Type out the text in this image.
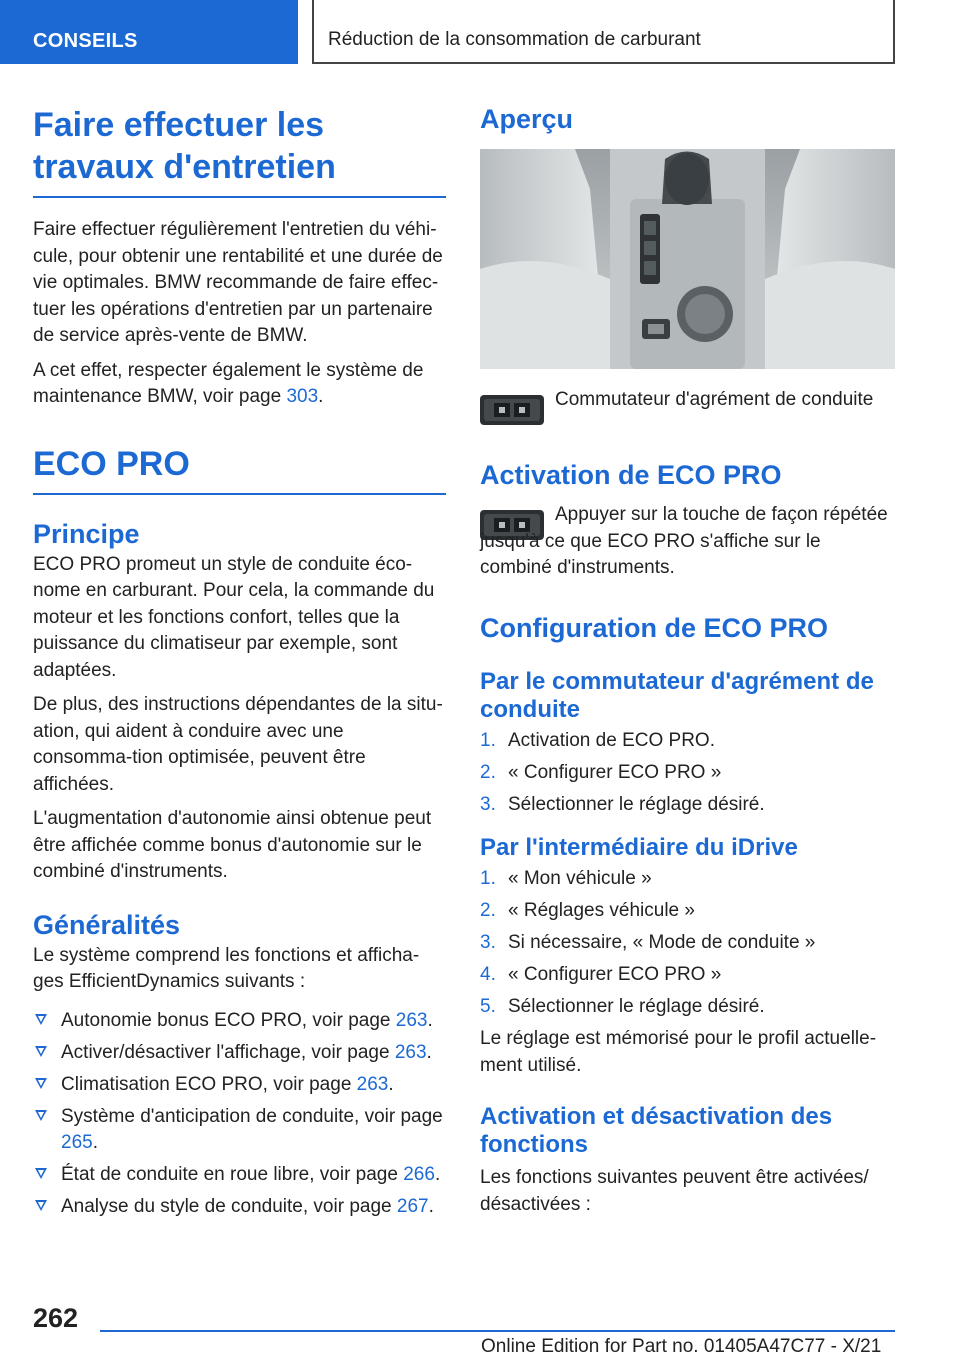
CONSEILS	Réduction de la consommation de carburant
Faire effectuer les travaux d'entretien

Faire effectuer régulièrement l'entretien du véhi-cule, pour obtenir une rentabilité et une durée de vie optimales. BMW recommande de faire effec-tuer les opérations d'entretien par un partenaire de service après-vente de BMW.

A cet effet, respecter également le système de maintenance BMW, voir page 303.

ECO PRO
Principe

ECO PRO promeut un style de conduite éco-nome en carburant. Pour cela, la commande du moteur et les fonctions confort, telles que la puissance du climatiseur par exemple, sont adaptées.

De plus, des instructions dépendantes de la situ-ation, qui aident à conduire avec une consomma-tion optimisée, peuvent être affichées.

L'augmentation d'autonomie ainsi obtenue peut être affichée comme bonus d'autonomie sur le combiné d'instruments.

Généralités

Le système comprend les fonctions et afficha-ges EfficientDynamics suivants :

Autonomie bonus ECO PRO, voir page 263.
Activer/désactiver l'affichage, voir page 263.
Climatisation ECO PRO, voir page 263.
Système d'anticipation de conduite, voir page 265.
État de conduite en roue libre, voir page 266.
Analyse du style de conduite, voir page 267.
Aperçu
Commutateur d'agrément de conduite
Activation de ECO PRO

Appuyer sur la touche de façon répétée jusqu'à ce que ECO PRO s'affiche sur le combiné d'instruments.

Configuration de ECO PRO
Par le commutateur d'agrément de conduite
1. Activation de ECO PRO.
2. « Configurer ECO PRO »
3. Sélectionner le réglage désiré.
Par l'intermédiaire du iDrive
1. « Mon véhicule »
2. « Réglages véhicule »
3. Si nécessaire, « Mode de conduite »
4. « Configurer ECO PRO »
5. Sélectionner le réglage désiré.

Le réglage est mémorisé pour le profil actuelle-ment utilisé.

Activation et désactivation des fonctions

Les fonctions suivantes peuvent être activées/ désactivées :

262
Online Edition for Part no. 01405A47C77 - X/21
